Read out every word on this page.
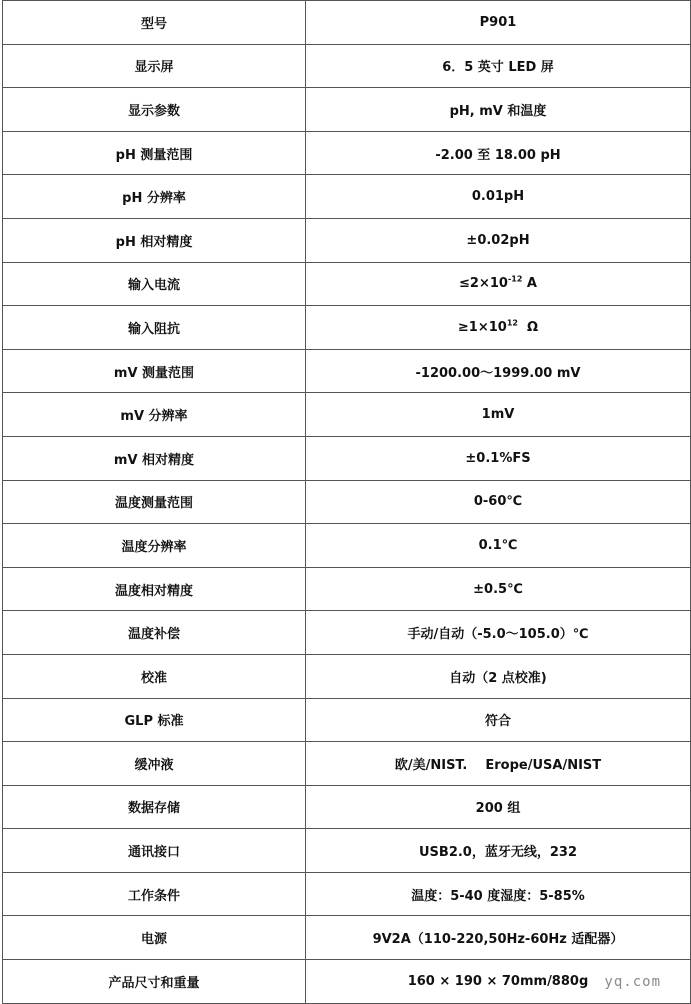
型号	P901
显示屏	6．5 英寸 LED 屏
显示参数	pH, mV 和温度
pH 测量范围	-2.00 至 18.00 pH
pH 分辨率	0.01pH
pH 相对精度	±0.02pH
输入电流	$\le 2\times 10^{-12}$ A
输入阻抗	$\ge 1\times 10^{12}$  Ω
mV 测量范围	-1200.00～1999.00 mV
mV 分辨率	1mV
mV 相对精度	±0.1%FS
温度测量范围	0-60℃
温度分辨率	0.1℃
温度相对精度	±0.5℃
温度补偿	手动/自动（-5.0～105.0）℃
校准	自动（2 点校准)
GLP 标准	符合
缓冲液	欧/美/NIST.    Erope/USA/NIST
数据存储	200 组
通讯接口	USB2.0，蓝牙无线，232
工作条件	温度：5-40 度湿度：5-85%
电源	9V2A（110-220,50Hz-60Hz 适配器）
产品尺寸和重量	160 × 190 × 70mm/880g yq.com
